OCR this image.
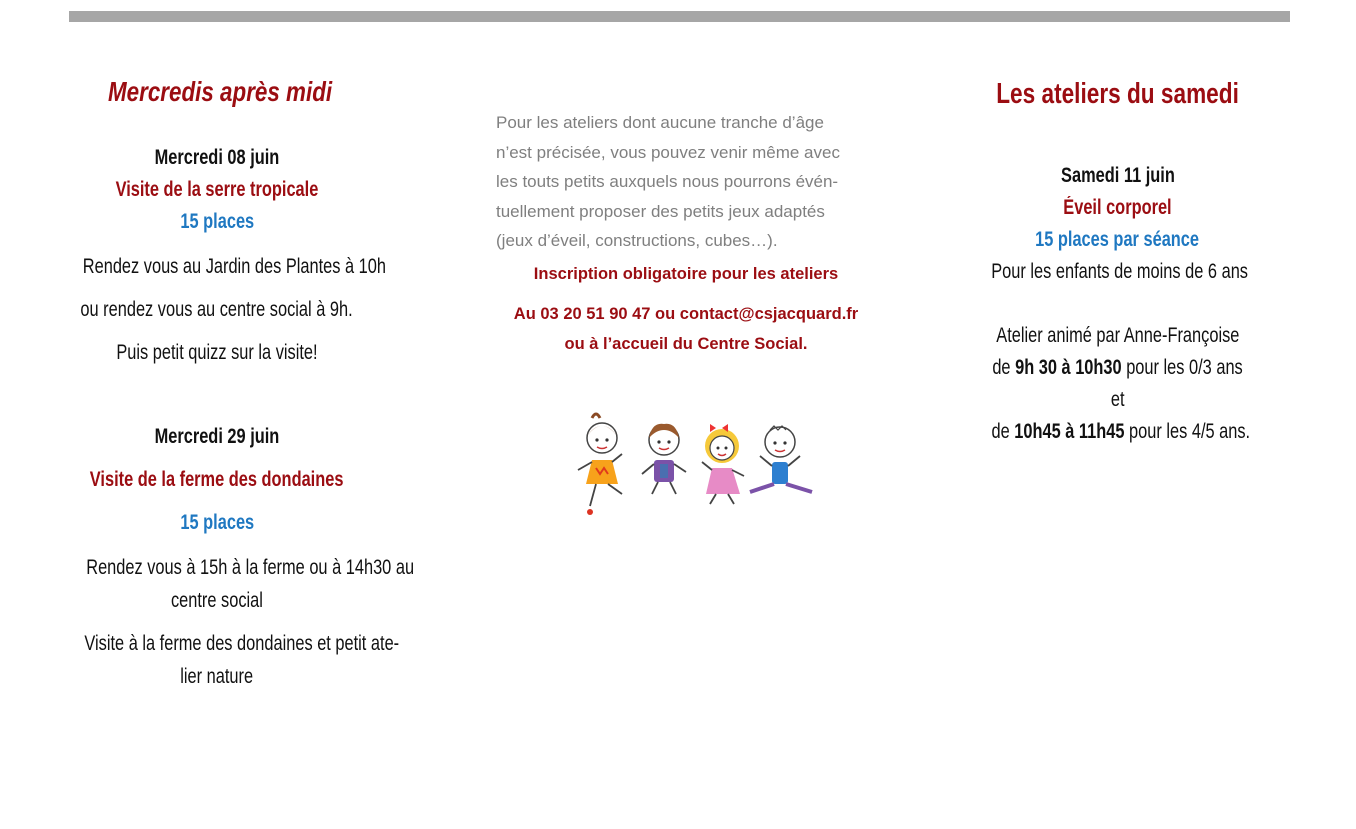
Mercredis après midi
Mercredi 08 juin
Visite de la serre tropicale
15 places
Rendez vous au Jardin des Plantes à 10h
ou rendez vous au centre social à 9h.
Puis petit quizz sur la visite!
Mercredi 29 juin
Visite de la ferme des dondaines
15 places
Rendez vous à 15h à la ferme ou à 14h30 au
centre social
Visite à la ferme des dondaines et petit ate-
lier nature

Pour les ateliers dont aucune tranche d’âge
n’est précisée, vous pouvez venir même avec
les touts petits auxquels nous pourrons évén-
tuellement proposer des petits jeux adaptés
(jeux d’éveil, constructions, cubes…).

Inscription obligatoire pour les ateliers
Au 03 20 51 90 47 ou contact@csjacquard.fr
ou à l’accueil du Centre Social.
Les ateliers du samedi
Samedi 11 juin
Éveil corporel
15 places par séance
Pour les enfants de moins de 6 ans
Atelier animé par Anne-Françoise
de 9h 30 à 10h30 pour les 0/3 ans
et
de 10h45 à 11h45 pour les 4/5 ans.
